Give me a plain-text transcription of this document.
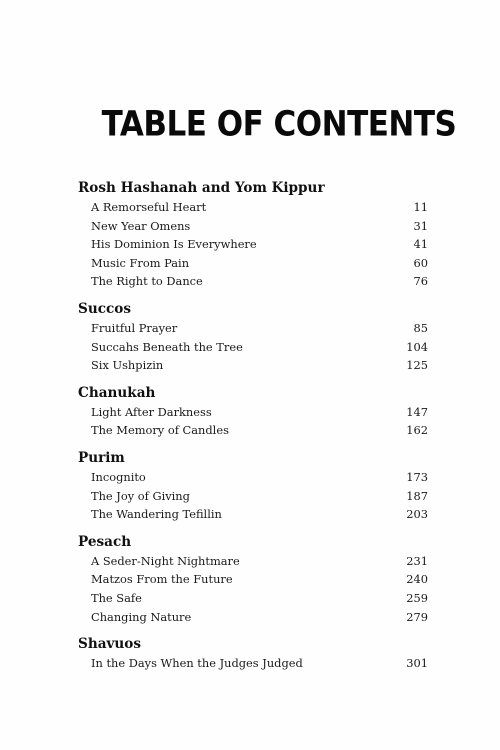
TABLE OF CONTENTS
Rosh Hashanah and Yom Kippur
A Remorseful Heart	11
New Year Omens	31
His Dominion Is Everywhere	41
Music From Pain	60
The Right to Dance	76
Succos
Fruitful Prayer	85
Succahs Beneath the Tree	104
Six Ushpizin	125
Chanukah
Light After Darkness	147
The Memory of Candles	162
Purim
Incognito	173
The Joy of Giving	187
The Wandering Tefillin	203
Pesach
A Seder-Night Nightmare	231
Matzos From the Future	240
The Safe	259
Changing Nature	279
Shavuos
In the Days When the Judges Judged	301
